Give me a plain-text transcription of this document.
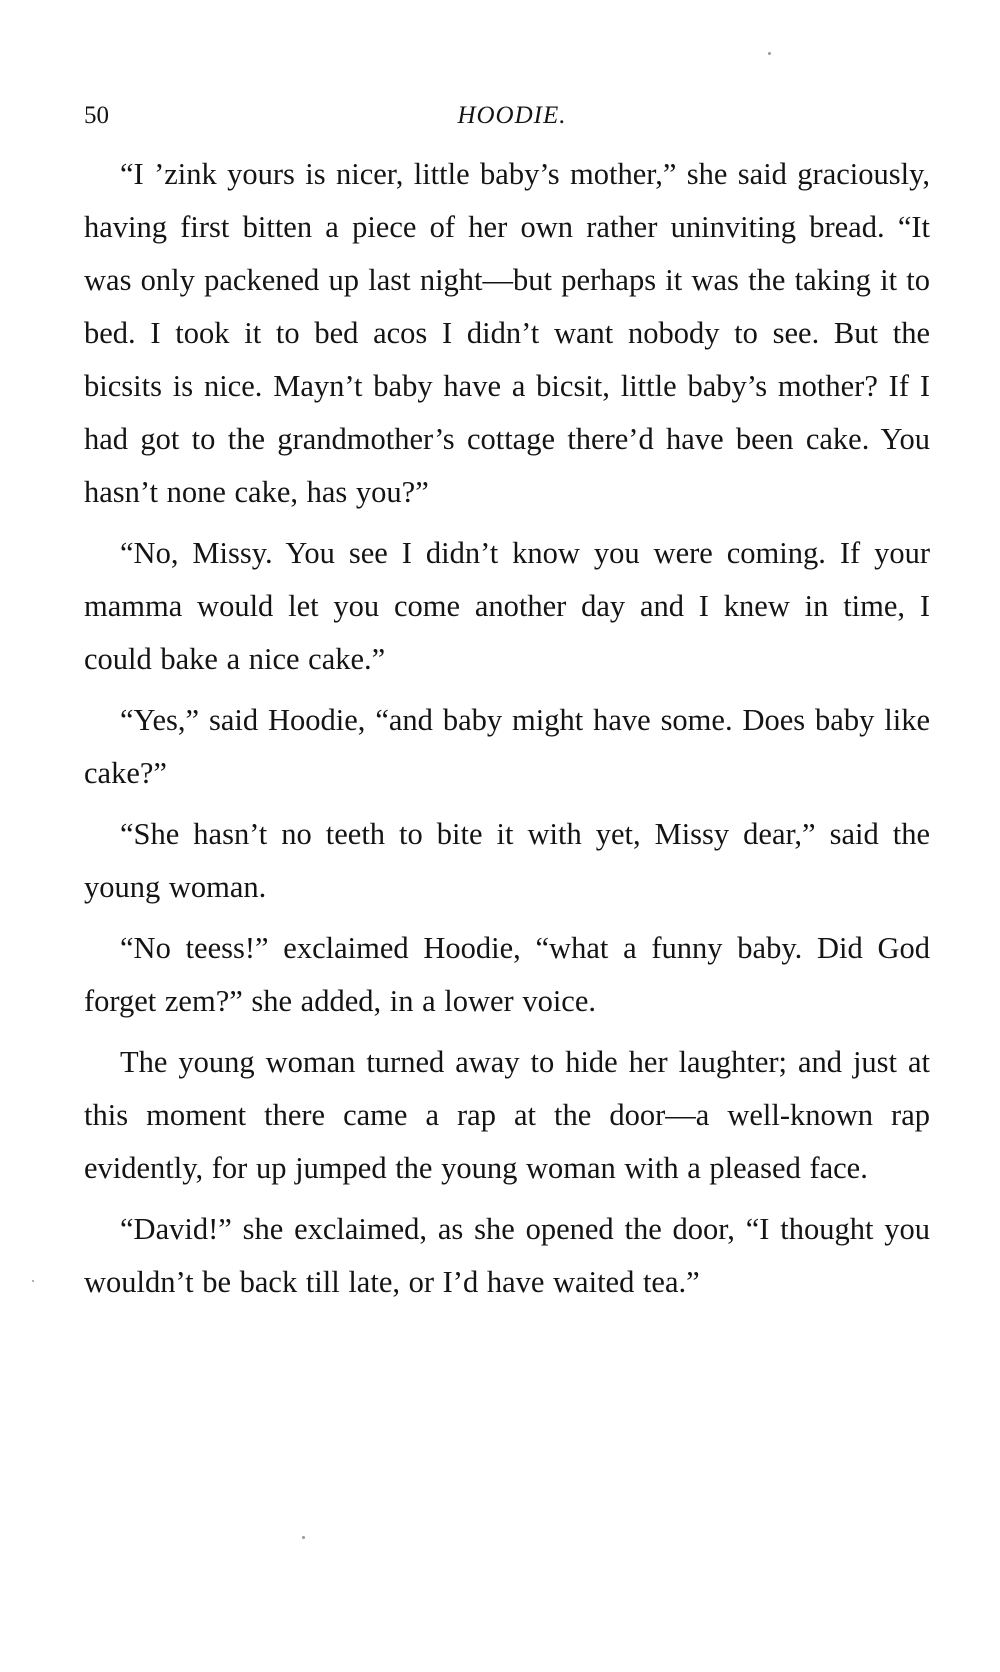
50	HOODIE.

“I ’zink yours is nicer, little baby’s mother,” she said graciously, having first bitten a piece of her own rather uninviting bread. “It was only packened up last night—but perhaps it was the taking it to bed. I took it to bed acos I didn’t want nobody to see. But the bicsits is nice. Mayn’t baby have a bicsit, little baby’s mother? If I had got to the grandmother’s cottage there’d have been cake. You hasn’t none cake, has you?”

“No, Missy. You see I didn’t know you were coming. If your mamma would let you come another day and I knew in time, I could bake a nice cake.”

“Yes,” said Hoodie, “and baby might have some. Does baby like cake?”

“She hasn’t no teeth to bite it with yet, Missy dear,” said the young woman.

“No teess!” exclaimed Hoodie, “what a funny baby. Did God forget zem?” she added, in a lower voice.

The young woman turned away to hide her laughter; and just at this moment there came a rap at the door—a well-known rap evidently, for up jumped the young woman with a pleased face.

“David!” she exclaimed, as she opened the door, “I thought you wouldn’t be back till late, or I’d have waited tea.”
